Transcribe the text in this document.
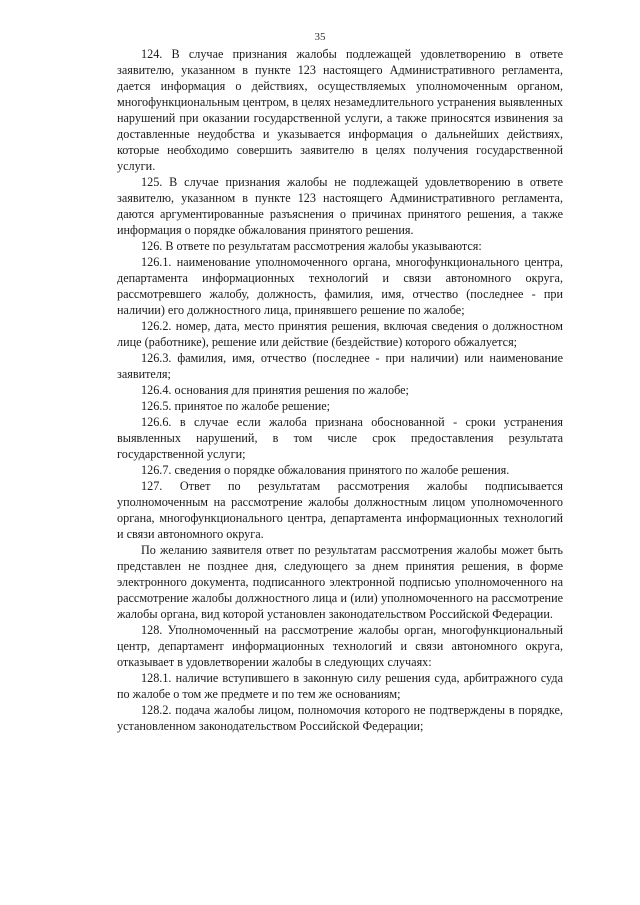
35

124. В случае признания жалобы подлежащей удовлетворению в ответе заявителю, указанном в пункте 123 настоящего Административного регламента, дается информация о действиях, осуществляемых уполномоченным органом, многофункциональным центром, в целях незамедлительного устранения выявленных нарушений при оказании государственной услуги, а также приносятся извинения за доставленные неудобства и указывается информация о дальнейших действиях, которые необходимо совершить заявителю в целях получения государственной услуги.

125. В случае признания жалобы не подлежащей удовлетворению в ответе заявителю, указанном в пункте 123 настоящего Административного регламента, даются аргументированные разъяснения о причинах принятого решения, а также информация о порядке обжалования принятого решения.

126. В ответе по результатам рассмотрения жалобы указываются:

126.1. наименование уполномоченного органа, многофункционального центра, департамента информационных технологий и связи автономного округа, рассмотревшего жалобу, должность, фамилия, имя, отчество (последнее - при наличии) его должностного лица, принявшего решение по жалобе;

126.2. номер, дата, место принятия решения, включая сведения о должностном лице (работнике), решение или действие (бездействие) которого обжалуется;

126.3. фамилия, имя, отчество (последнее - при наличии) или наименование заявителя;

126.4. основания для принятия решения по жалобе;

126.5. принятое по жалобе решение;

126.6. в случае если жалоба признана обоснованной - сроки устранения выявленных нарушений, в том числе срок предоставления результата государственной услуги;

126.7. сведения о порядке обжалования принятого по жалобе решения.

127. Ответ по результатам рассмотрения жалобы подписывается уполномоченным на рассмотрение жалобы должностным лицом уполномоченного органа, многофункционального центра, департамента информационных технологий и связи автономного округа.

По желанию заявителя ответ по результатам рассмотрения жалобы может быть представлен не позднее дня, следующего за днем принятия решения, в форме электронного документа, подписанного электронной подписью уполномоченного на рассмотрение жалобы должностного лица и (или) уполномоченного на рассмотрение жалобы органа, вид которой установлен законодательством Российской Федерации.

128. Уполномоченный на рассмотрение жалобы орган, многофункциональный центр, департамент информационных технологий и связи автономного округа, отказывает в удовлетворении жалобы в следующих случаях:

128.1. наличие вступившего в законную силу решения суда, арбитражного суда по жалобе о том же предмете и по тем же основаниям;

128.2. подача жалобы лицом, полномочия которого не подтверждены в порядке, установленном законодательством Российской Федерации;
